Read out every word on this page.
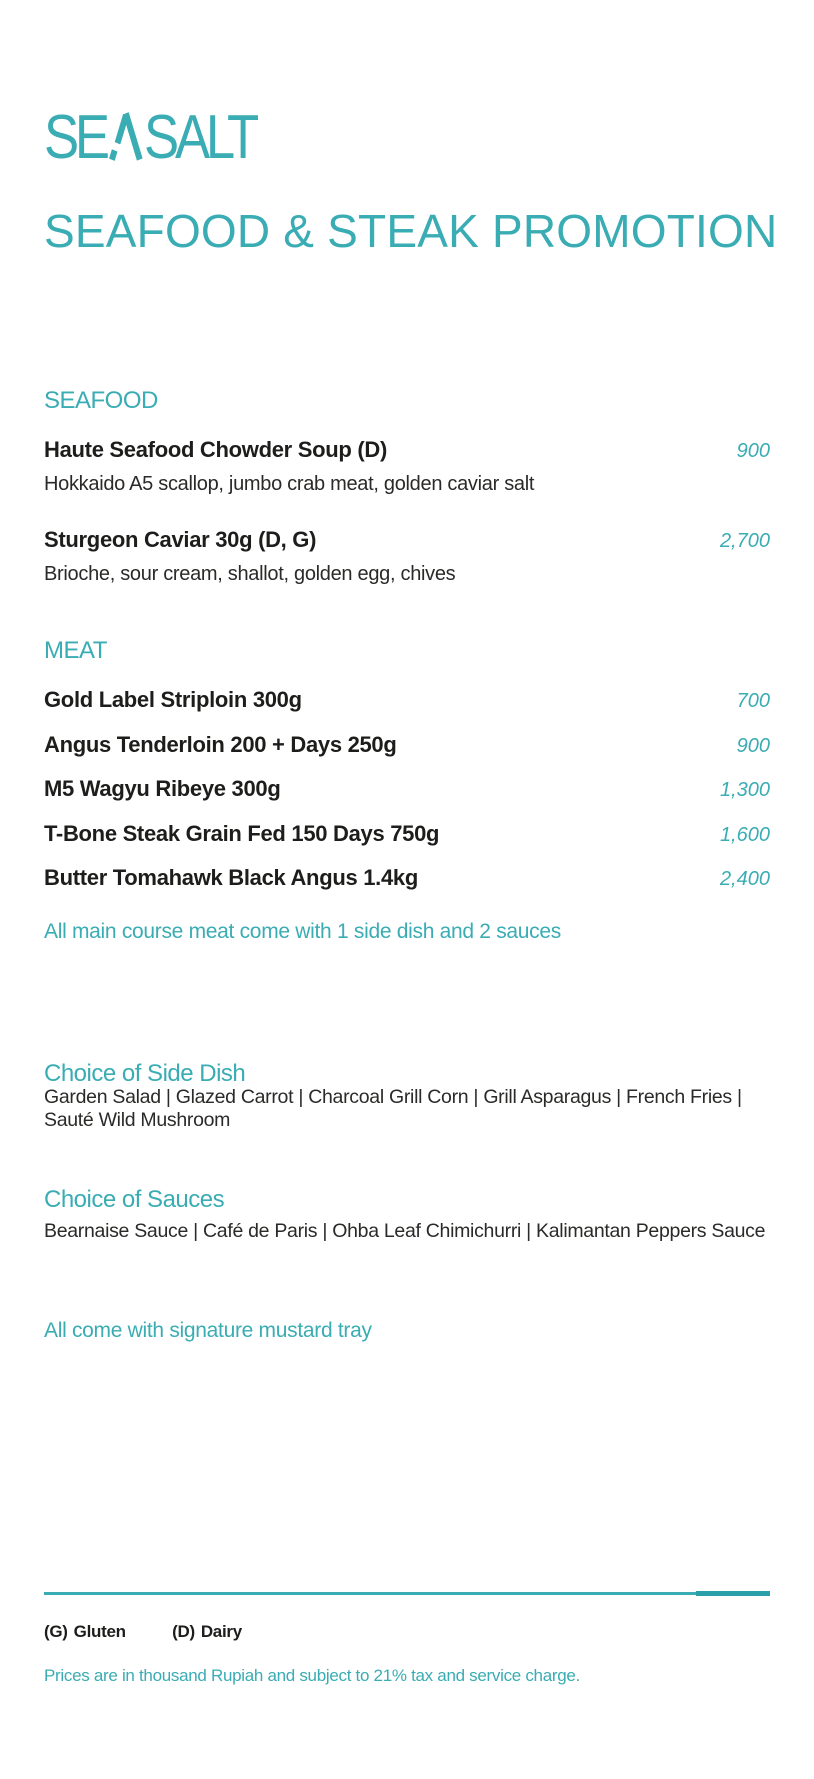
SE SALT
SEAFOOD & STEAK PROMOTION
SEAFOOD
Haute Seafood Chowder Soup (D)	900
Hokkaido A5 scallop, jumbo crab meat, golden caviar salt
Sturgeon Caviar 30g (D, G)	2,700
Brioche, sour cream, shallot, golden egg, chives
MEAT
Gold Label Striploin 300g	700
Angus Tenderloin 200 + Days 250g	900
M5 Wagyu Ribeye 300g	1,300
T-Bone Steak Grain Fed 150 Days 750g	1,600
Butter Tomahawk Black Angus 1.4kg	2,400
All main course meat come with 1 side dish and 2 sauces
Choice of Side Dish
Garden Salad | Glazed Carrot | Charcoal Grill Corn | Grill Asparagus | French Fries | Sauté Wild Mushroom
Choice of Sauces
Bearnaise Sauce | Café de Paris | Ohba Leaf Chimichurri | Kalimantan Peppers Sauce
All come with signature mustard tray
(G) Gluten	(D) Dairy
Prices are in thousand Rupiah and subject to 21% tax and service charge.
